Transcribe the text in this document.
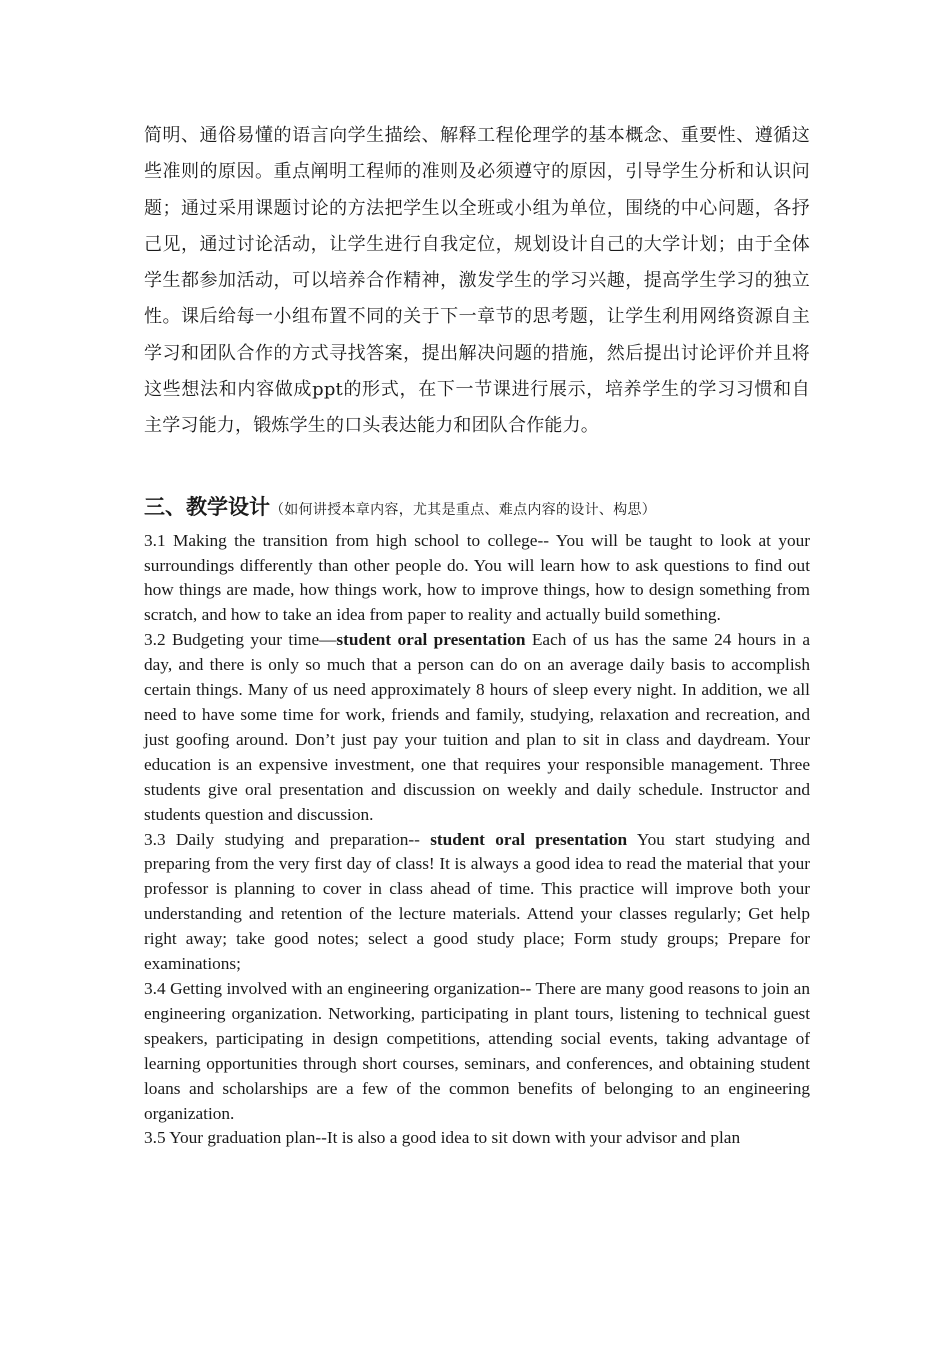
简明、通俗易懂的语言向学生描绘、解释工程伦理学的基本概念、重要性、遵循这些准则的原因。重点阐明工程师的准则及必须遵守的原因，引导学生分析和认识问题；通过采用课题讨论的方法把学生以全班或小组为单位，围绕的中心问题，各抒己见，通过讨论活动，让学生进行自我定位，规划设计自己的大学计划；由于全体学生都参加活动，可以培养合作精神，激发学生的学习兴趣，提高学生学习的独立性。课后给每一小组布置不同的关于下一章节的思考题，让学生利用网络资源自主学习和团队合作的方式寻找答案，提出解决问题的措施，然后提出讨论评价并且将这些想法和内容做成ppt的形式，在下一节课进行展示，培养学生的学习习惯和自主学习能力，锻炼学生的口头表达能力和团队合作能力。

三、教学设计（如何讲授本章内容，尤其是重点、难点内容的设计、构思）

3.1 Making the transition from high school to college-- You will be taught to look at your surroundings differently than other people do. You will learn how to ask questions to find out how things are made, how things work, how to improve things, how to design something from scratch, and how to take an idea from paper to reality and actually build something.

3.2 Budgeting your time—student oral presentation Each of us has the same 24 hours in a day, and there is only so much that a person can do on an average daily basis to accomplish certain things. Many of us need approximately 8 hours of sleep every night. In addition, we all need to have some time for work, friends and family, studying, relaxation and recreation, and just goofing around. Don’t just pay your tuition and plan to sit in class and daydream. Your education is an expensive investment, one that requires your responsible management. Three students give oral presentation and discussion on weekly and daily schedule. Instructor and students question and discussion.

3.3 Daily studying and preparation-- student oral presentation You start studying and preparing from the very first day of class! It is always a good idea to read the material that your professor is planning to cover in class ahead of time. This practice will improve both your understanding and retention of the lecture materials. Attend your classes regularly; Get help right away; take good notes; select a good study place; Form study groups; Prepare for examinations;

3.4 Getting involved with an engineering organization-- There are many good reasons to join an engineering organization. Networking, participating in plant tours, listening to technical guest speakers, participating in design competitions, attending social events, taking advantage of learning opportunities through short courses, seminars, and conferences, and obtaining student loans and scholarships are a few of the common benefits of belonging to an engineering organization.

3.5 Your graduation plan--It is also a good idea to sit down with your advisor and plan
